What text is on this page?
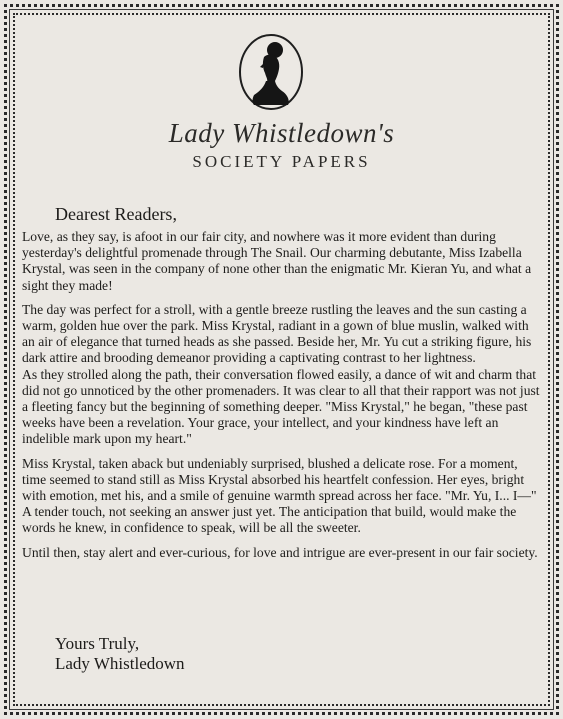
Lady Whistledown's
SOCIETY PAPERS
Dearest Readers,

Love, as they say, is afoot in our fair city, and nowhere was it more evident than during yesterday's delightful promenade through The Snail. Our charming debutante, Miss Izabella Krystal, was seen in the company of none other than the enigmatic Mr. Kieran Yu, and what a sight they made!

The day was perfect for a stroll, with a gentle breeze rustling the leaves and the sun casting a warm, golden hue over the park. Miss Krystal, radiant in a gown of blue muslin, walked with an air of elegance that turned heads as she passed. Beside her, Mr. Yu cut a striking figure, his dark attire and brooding demeanor providing a captivating contrast to her lightness.

As they strolled along the path, their conversation flowed easily, a dance of wit and charm that did not go unnoticed by the other promenaders. It was clear to all that their rapport was not just a fleeting fancy but the beginning of something deeper. "Miss Krystal," he began, "these past weeks have been a revelation. Your grace, your intellect, and your kindness have left an indelible mark upon my heart."

Miss Krystal, taken aback but undeniably surprised, blushed a delicate rose. For a moment, time seemed to stand still as Miss Krystal absorbed his heartfelt confession. Her eyes, bright with emotion, met his, and a smile of genuine warmth spread across her face. "Mr. Yu, I... I—" A tender touch, not seeking an answer just yet. The anticipation that build, would make the words he knew, in confidence to speak, will be all the sweeter.

Until then, stay alert and ever-curious, for love and intrigue are ever-present in our fair society.

Yours Truly,
Lady Whistledown
